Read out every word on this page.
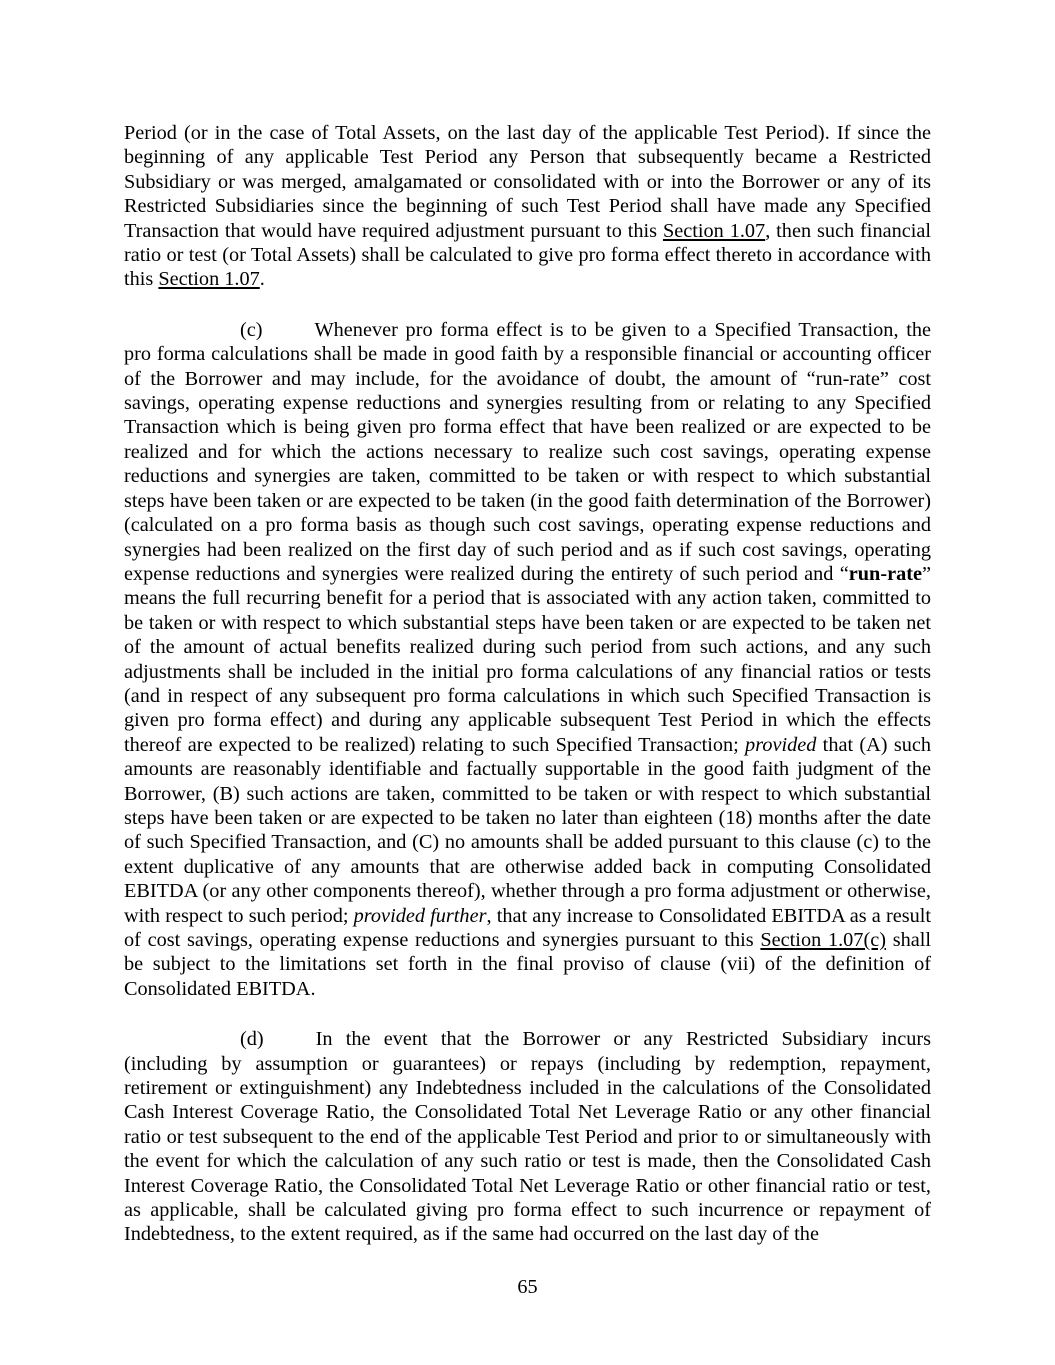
Period (or in the case of Total Assets, on the last day of the applicable Test Period). If since the beginning of any applicable Test Period any Person that subsequently became a Restricted Subsidiary or was merged, amalgamated or consolidated with or into the Borrower or any of its Restricted Subsidiaries since the beginning of such Test Period shall have made any Specified Transaction that would have required adjustment pursuant to this Section 1.07, then such financial ratio or test (or Total Assets) shall be calculated to give pro forma effect thereto in accordance with this Section 1.07.

(c)	Whenever pro forma effect is to be given to a Specified Transaction, the pro forma calculations shall be made in good faith by a responsible financial or accounting officer of the Borrower and may include, for the avoidance of doubt, the amount of “run-rate” cost savings, operating expense reductions and synergies resulting from or relating to any Specified Transaction which is being given pro forma effect that have been realized or are expected to be realized and for which the actions necessary to realize such cost savings, operating expense reductions and synergies are taken, committed to be taken or with respect to which substantial steps have been taken or are expected to be taken (in the good faith determination of the Borrower) (calculated on a pro forma basis as though such cost savings, operating expense reductions and synergies had been realized on the first day of such period and as if such cost savings, operating expense reductions and synergies were realized during the entirety of such period and “run-rate” means the full recurring benefit for a period that is associated with any action taken, committed to be taken or with respect to which substantial steps have been taken or are expected to be taken net of the amount of actual benefits realized during such period from such actions, and any such adjustments shall be included in the initial pro forma calculations of any financial ratios or tests (and in respect of any subsequent pro forma calculations in which such Specified Transaction is given pro forma effect) and during any applicable subsequent Test Period in which the effects thereof are expected to be realized) relating to such Specified Transaction; provided that (A) such amounts are reasonably identifiable and factually supportable in the good faith judgment of the Borrower, (B) such actions are taken, committed to be taken or with respect to which substantial steps have been taken or are expected to be taken no later than eighteen (18) months after the date of such Specified Transaction, and (C) no amounts shall be added pursuant to this clause (c) to the extent duplicative of any amounts that are otherwise added back in computing Consolidated EBITDA (or any other components thereof), whether through a pro forma adjustment or otherwise, with respect to such period; provided further, that any increase to Consolidated EBITDA as a result of cost savings, operating expense reductions and synergies pursuant to this Section 1.07(c) shall be subject to the limitations set forth in the final proviso of clause (vii) of the definition of Consolidated EBITDA.

(d)	In the event that the Borrower or any Restricted Subsidiary incurs (including by assumption or guarantees) or repays (including by redemption, repayment, retirement or extinguishment) any Indebtedness included in the calculations of the Consolidated Cash Interest Coverage Ratio, the Consolidated Total Net Leverage Ratio or any other financial ratio or test subsequent to the end of the applicable Test Period and prior to or simultaneously with the event for which the calculation of any such ratio or test is made, then the Consolidated Cash Interest Coverage Ratio, the Consolidated Total Net Leverage Ratio or other financial ratio or test, as applicable, shall be calculated giving pro forma effect to such incurrence or repayment of Indebtedness, to the extent required, as if the same had occurred on the last day of the

65
